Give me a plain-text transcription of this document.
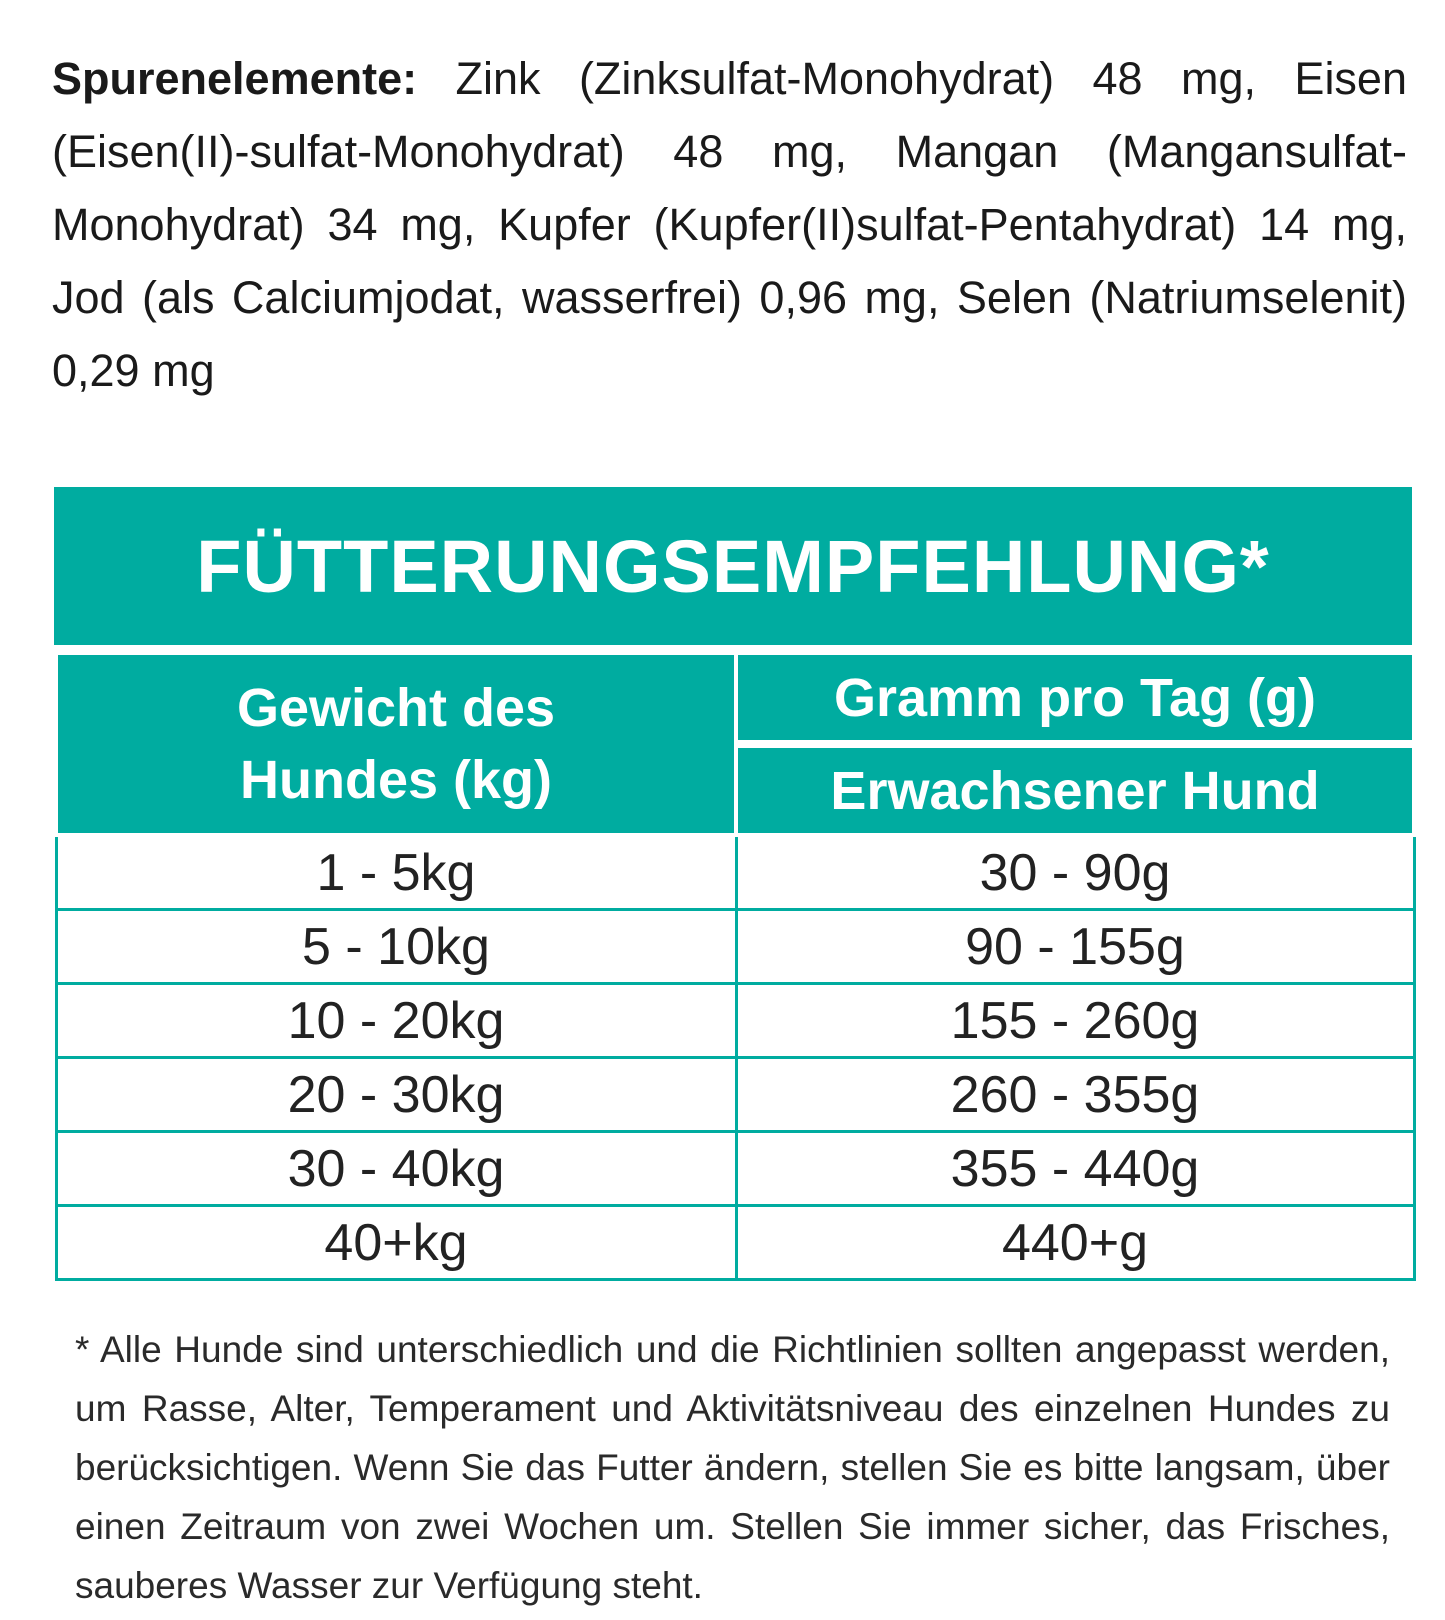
Spurenelemente: Zink (Zinksulfat-Monohydrat) 48 mg, Eisen (Eisen(II)-sulfat-Monohydrat) 48 mg, Mangan (Mangansulfat-Monohydrat) 34 mg, Kupfer (Kupfer(II)sulfat-Pentahydrat) 14 mg, Jod (als Calciumjodat, wasserfrei) 0,96 mg, Selen (Natriumselenit) 0,29 mg

FÜTTERUNGSEMPFEHLUNG*
Gewicht des
Hundes (kg)	Gramm pro Tag (g)
	Erwachsener Hund
1 - 5kg	30 - 90g
5 - 10kg	90 - 155g
10 - 20kg	155 - 260g
20 - 30kg	260 - 355g
30 - 40kg	355 - 440g
40+kg	440+g

* Alle Hunde sind unterschiedlich und die Richtlinien sollten angepasst werden, um Rasse, Alter, Temperament und Aktivitätsniveau des einzelnen Hundes zu berücksichtigen. Wenn Sie das Futter ändern, stellen Sie es bitte langsam, über einen Zeitraum von zwei Wochen um. Stellen Sie immer sicher, das Frisches, sauberes Wasser zur Verfügung steht.
